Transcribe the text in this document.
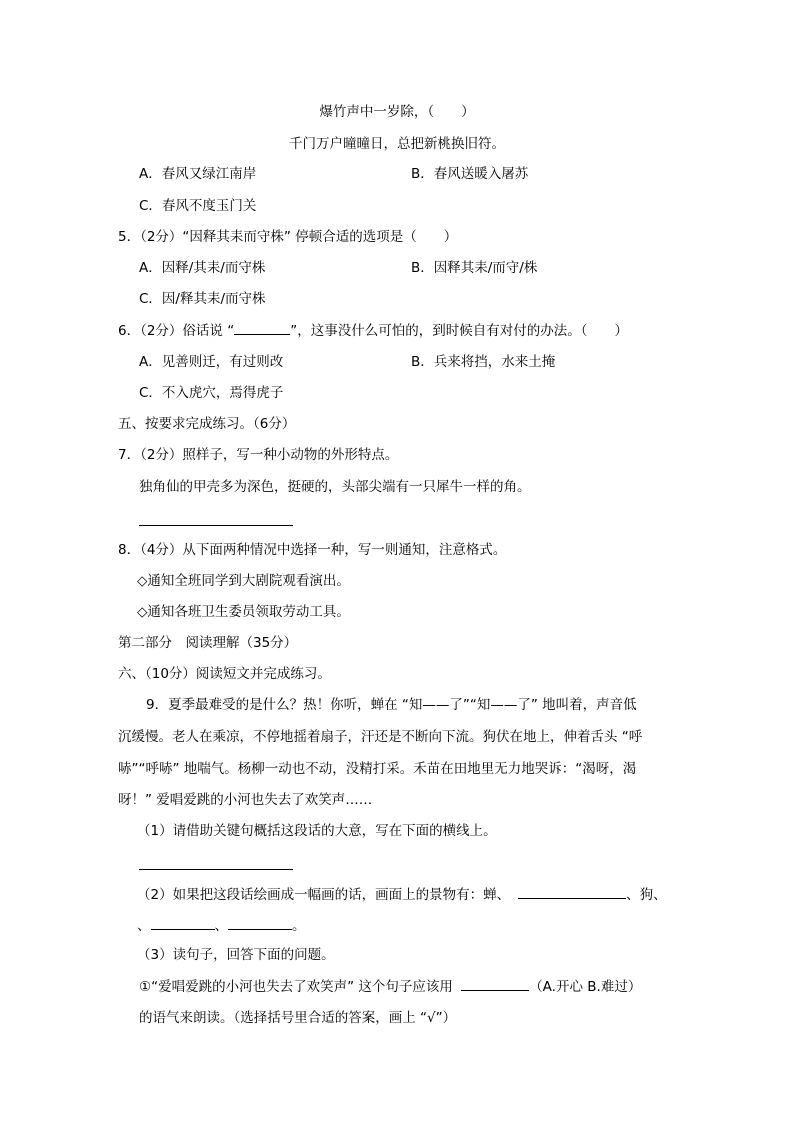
爆竹声中一岁除，（　　）
千门万户曈曈日，总把新桃换旧符。
A．春风又绿江南岸	B．春风送暖入屠苏
C．春风不度玉门关
5．（2分）“因释其耒而守株” 停顿合适的选项是（　　）
A．因释/其耒/而守株	B．因释其耒/而守/株
C．因/释其耒/而守株
6．（2分）俗话说 “	”，这事没什么可怕的，到时候自有对付的办法。（　　）
A．见善则迁，有过则改	B．兵来将挡，水来土掩
C．不入虎穴，焉得虎子
五、按要求完成练习。（6分）
7．（2分）照样子，写一种小动物的外形特点。
独角仙的甲壳多为深色，挺硬的，头部尖端有一只犀牛一样的角。
8．（4分）从下面两种情况中选择一种，写一则通知，注意格式。
◇通知全班同学到大剧院观看演出。
◇通知各班卫生委员领取劳动工具。
第二部分　阅读理解（35分）
六、（10分）阅读短文并完成练习。
9．夏季最难受的是什么？热！你听，蝉在 “知——了”“知——了” 地叫着，声音低
沉缓慢。老人在乘凉，不停地摇着扇子，汗还是不断向下流。狗伏在地上，伸着舌头 “呼
哧”“呼哧” 地喘气。杨柳一动也不动，没精打采。禾苗在田地里无力地哭诉：“渴呀，渴
呀！” 爱唱爱跳的小河也失去了欢笑声……
（1）请借助关键句概括这段话的大意，写在下面的横线上。
（2）如果把这段话绘画成一幅画的话，画面上的景物有：蝉、	、狗、
、	、	。
（3）读句子，回答下面的问题。
①“爱唱爱跳的小河也失去了欢笑声” 这个句子应该用	（A.开心 B.难过）
的语气来朗读。（选择括号里合适的答案，画上 “√”）
